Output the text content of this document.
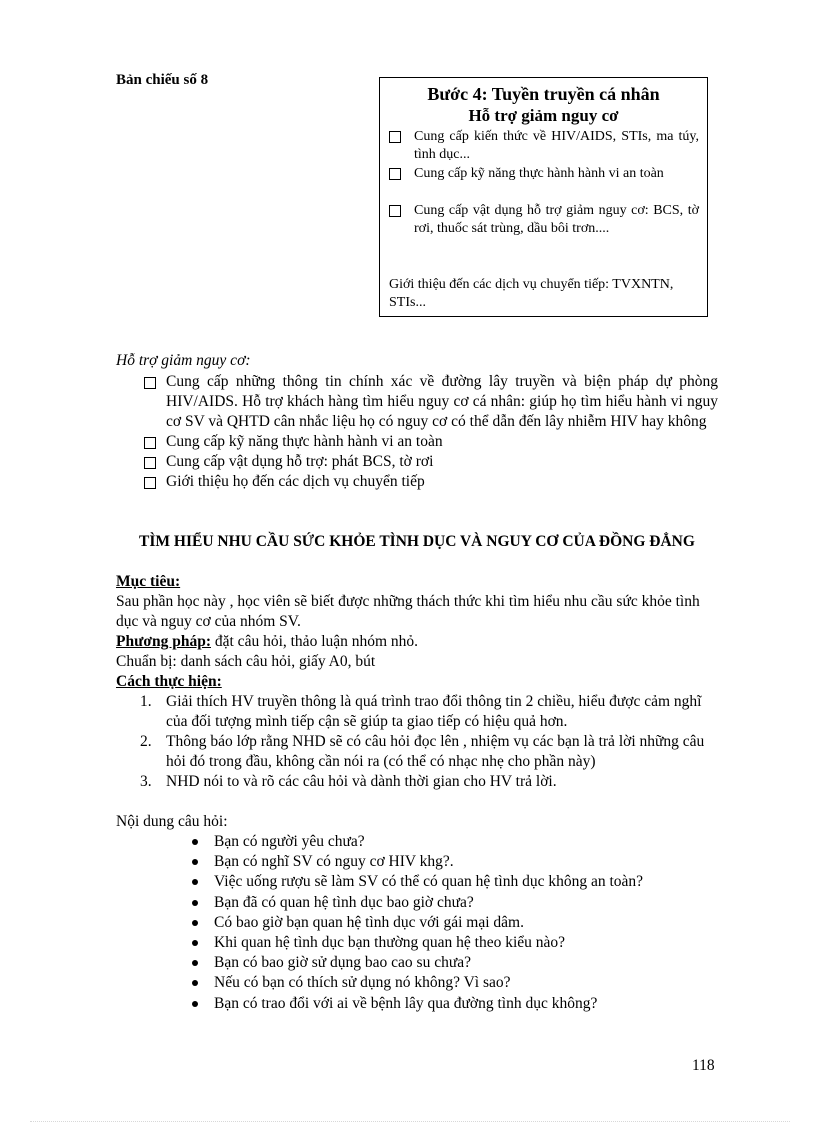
Bản chiếu số 8
Bước 4: Tuyền truyền cá nhân
Hỗ trợ giảm nguy cơ
Cung cấp kiến thức về HIV/AIDS, STIs, ma túy, tình dục...
Cung cấp kỹ năng thực hành hành vi an toàn
Cung cấp vật dụng hỗ trợ giảm nguy cơ: BCS, tờ rơi, thuốc sát trùng, dầu bôi trơn....
Giới thiệu đến các dịch vụ chuyển tiếp: TVXNTN, STIs...
Hỗ trợ giảm nguy cơ:
Cung cấp những thông tin chính xác về đường lây truyền và biện pháp dự phòng HIV/AIDS. Hỗ trợ khách hàng tìm hiểu nguy cơ cá nhân: giúp họ tìm hiểu hành vi nguy cơ SV và QHTD cân nhắc liệu họ có nguy cơ có thể dẫn đến lây nhiễm HIV hay không
Cung cấp kỹ năng thực hành hành vi an toàn
Cung cấp vật dụng hỗ trợ: phát BCS, tờ rơi
Giới thiệu họ đến các dịch vụ chuyển tiếp
TÌM HIỂU NHU CẦU SỨC KHỎE TÌNH DỤC VÀ NGUY CƠ CỦA ĐỒNG ĐẲNG
Mục tiêu:
Sau phần học này , học viên sẽ biết được những thách thức khi tìm hiểu nhu cầu sức khỏe tình dục và nguy cơ của nhóm SV.
Phương pháp: đặt câu hỏi, thảo luận nhóm nhỏ.
Chuẩn bị: danh sách câu hỏi, giấy A0, bút
Cách thực hiện:
1. Giải thích HV truyền thông là quá trình trao đổi thông tin 2 chiều, hiểu được cảm nghĩ của đối tượng mình tiếp cận sẽ giúp ta giao tiếp có hiệu quả hơn.
2. Thông báo lớp rằng NHD sẽ có câu hỏi đọc lên , nhiệm vụ các bạn là trả lời những câu hỏi đó trong đầu, không cần nói ra (có thể có nhạc nhẹ cho phần này)
3. NHD nói to và rõ các câu hỏi và dành thời gian cho HV trả lời.
Nội dung câu hỏi:
Bạn có người yêu chưa?
Bạn có nghĩ SV có nguy cơ HIV khg?.
Việc uống rượu sẽ làm SV có thể có quan hệ tình dục không an toàn?
Bạn đã có quan hệ tình dục bao giờ chưa?
Có bao giờ bạn quan hệ tình dục với gái mại dâm.
Khi quan hệ tình dục bạn thường quan hệ theo kiểu nào?
Bạn có bao giờ sử dụng bao cao su chưa?
Nếu có bạn có thích sử dụng nó không? Vì sao?
Bạn có trao đổi với ai về bệnh lây qua đường tình dục không?
118
